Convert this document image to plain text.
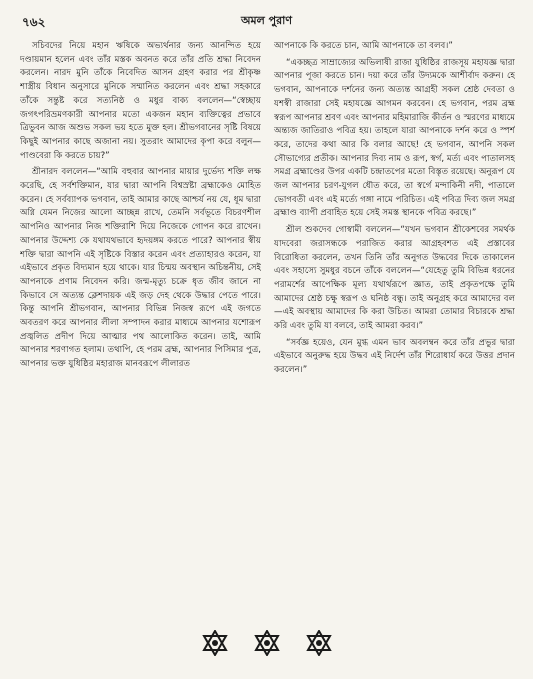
৭৬২	অমল পুরাণ

সচিবদের নিয়ে মহান ঋষিকে অভ্যর্থনার জন্য আনন্দিত হয়ে দণ্ডায়মান হলেন এবং তাঁর মস্তক অবনত করে তাঁর প্রতি শ্রদ্ধা নিবেদন করলেন। নারদ মুনি তাঁকে নিবেদিত আসন গ্রহণ করার পর শ্রীকৃষ্ণ শাস্ত্রীয় বিধান অনুসারে মুনিকে সম্মানিত করলেন এবং শ্রদ্ধা সহকারে তাঁকে সন্তুষ্ট করে সত্যনিষ্ঠ ও মধুর বাক্য বললেন—“স্বেচ্ছায় জগৎপরিভ্রমণকারী আপনার মতো একজন মহান ব্যক্তিত্বের প্রভাবে ত্রিভুবন আজ অশুভ সকল ভয় হতে মুক্ত হল। শ্রীভগবানের সৃষ্টি বিষয়ে কিছুই আপনার কাছে অজানা নয়। সুতরাং আমাদের কৃপা করে বলুন—পাণ্ডবেরা কি করতে চায়?”

শ্রীনারদ বললেন—“আমি বহুবার আপনার মায়ার দুর্ভেদ্য শক্তি লক্ষ করেছি, হে সর্বশক্তিমান, যার দ্বারা আপনি বিশ্বস্রষ্টা ব্রহ্মাকেও মোহিত করেন। হে সর্বব্যাপক ভগবান, তাই আমার কাছে আশ্চর্য নয় যে, ধূম দ্বারা অগ্নি যেমন নিজের আলো আচ্ছন্ন রাখে, তেমনি সর্বভূতে বিচরণশীল আপনিও আপনার নিজ শক্তিরাশি দিয়ে নিজেকে গোপন করে রাখেন। আপনার উদ্দেশ্য কে যথাযথভাবে হৃদয়ঙ্গম করতে পারে? আপনার স্বীয় শক্তি দ্বারা আপনি এই সৃষ্টিকে বিস্তার করেন এবং প্রত্যাহারও করেন, যা এইভাবে প্রকৃত বিদ্যমান হয়ে থাকে। যার চিন্ময় অবস্থান অচিন্তনীয়, সেই আপনাকে প্রণাম নিবেদন করি। জন্ম-মৃত্যু চক্রে ধৃত জীব জানে না কিভাবে সে অত্যন্ত ক্লেশদায়ক এই জড় দেহ থেকে উদ্ধার পেতে পারে। কিন্তু আপনি শ্রীভগবান, আপনার বিভিন্ন নিজস্ব রূপে এই জগতে অবতরণ করে আপনার লীলা সম্পাদন করার মাধ্যমে আপনার যশোরূপ প্রজ্বলিত প্রদীপ দিয়ে আত্মার পথ আলোকিত করেন। তাই, আমি আপনার শরণাগত হলাম। তথাপি, হে পরম ব্রহ্ম, আপনার পিসিমার পুত্র, আপনার ভক্ত যুধিষ্ঠির মহারাজ মানবরূপে লীলারত

আপনাকে কি করতে চান, আমি আপনাকে তা বলব।”

“একচ্ছত্র সাম্রাজ্যের অভিলাষী রাজা যুধিষ্ঠির রাজসূয় মহাযজ্ঞ দ্বারা আপনার পূজা করতে চান। দয়া করে তাঁর উদ্যমকে আশীর্বাদ করুন। হে ভগবান, আপনাকে দর্শনের জন্য অত্যন্ত আগ্রহী সকল শ্রেষ্ঠ দেবতা ও যশস্বী রাজারা সেই মহাযজ্ঞে আগমন করবেন। হে ভগবান, পরম ব্রহ্ম স্বরূপ আপনার শ্রবণ এবং আপনার মহিমারাজি কীর্তন ও স্মরণের মাধ্যমে অন্ত্যজ জাতিরাও পবিত্র হয়। তাহলে যারা আপনাকে দর্শন করে ও স্পর্শ করে, তাদের কথা আর কি বলার আছে! হে ভগবান, আপনি সকল সৌভাগ্যের প্রতীক। আপনার দিব্য নাম ও রূপ, স্বর্গ, মর্ত্য এবং পাতালসহ সমগ্র ব্রহ্মাণ্ডের উপর একটি চন্দ্রাতপের মতো বিস্তৃত রয়েছে। অনুরূপ যে জল আপনার চরণ-যুগল ধৌত করে, তা স্বর্গে মন্দাকিনী নদী, পাতালে ভোগবতী এবং এই মর্ত্যে গঙ্গা নামে পরিচিত। এই পবিত্র দিব্য জল সমগ্র ব্রহ্মাণ্ড ব্যাপী প্রবাহিত হয়ে সেই সমস্ত স্থানকে পবিত্র করছে।”

শ্রীল শুকদেব গোস্বামী বললেন—“যখন ভগবান শ্রীকেশবের সমর্থক যাদবেরা জরাসন্ধকে পরাজিত করার আগ্রহবশত এই প্রস্তাবের বিরোধিতা করলেন, তখন তিনি তাঁর অনুগত উদ্ধবের দিকে তাকালেন এবং সহাস্যে সুমধুর বচনে তাঁকে বললেন—“যেহেতু তুমি বিভিন্ন ধরনের পরামর্শের আপেক্ষিক মূল্য যথার্থরূপে জ্ঞাত, তাই প্রকৃতপক্ষে তুমি আমাদের শ্রেষ্ঠ চক্ষু স্বরূপ ও ঘনিষ্ঠ বন্ধু। তাই অনুগ্রহ করে আমাদের বল—এই অবস্থায় আমাদের কি করা উচিত। আমরা তোমার বিচারকে শ্রদ্ধা করি এবং তুমি যা বলবে, তাই আমরা করব।”

“সর্বজ্ঞ হয়েও, যেন মুগ্ধ এমন ভাব অবলম্বন করে তাঁর প্রভুর দ্বারা এইভাবে অনুরুদ্ধ হয়ে উদ্ধব এই নির্দেশ তাঁর শিরোধার্য করে উত্তর প্রদান করলেন।”
